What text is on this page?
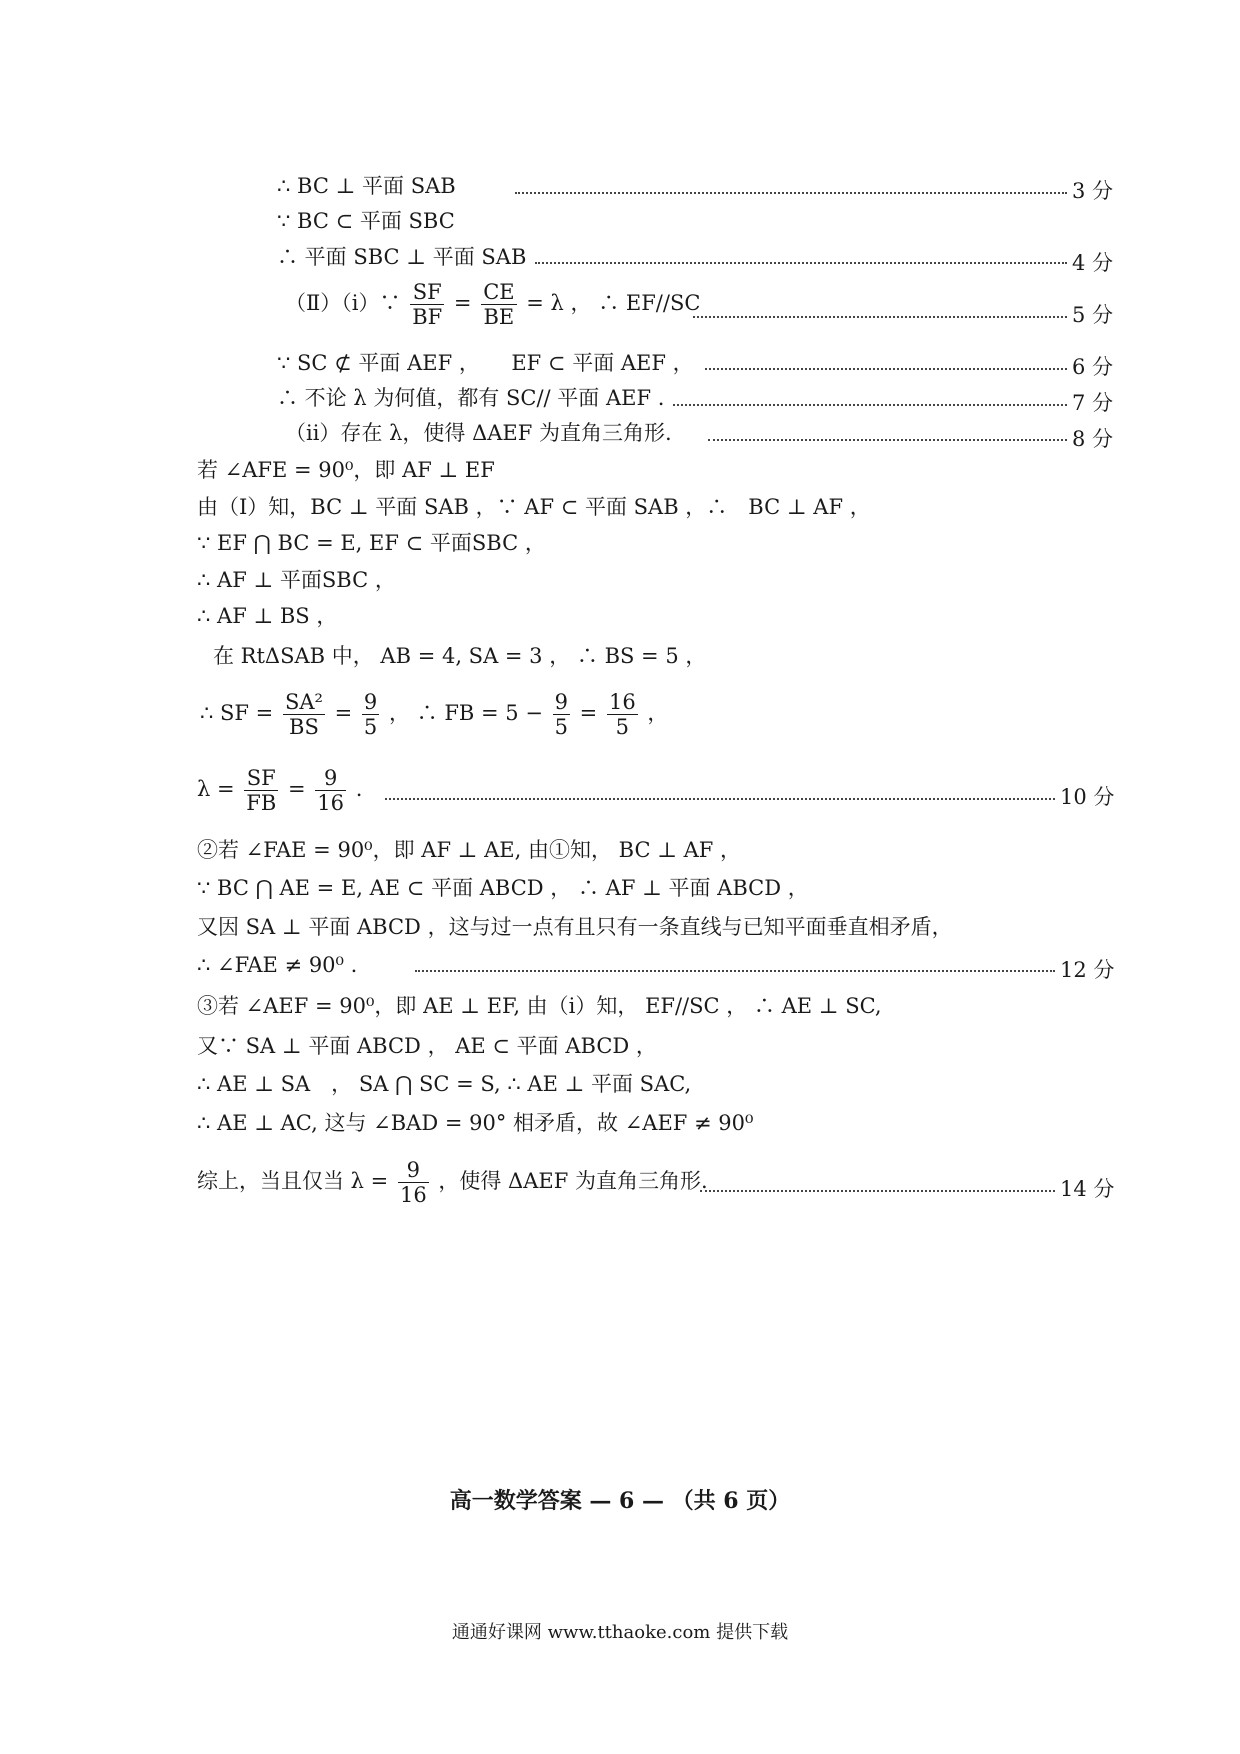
∴ BC ⊥ 平面 SAB	3 分
∵ BC ⊂ 平面 SBC
∴ 平面 SBC ⊥ 平面 SAB	4 分
（Ⅱ）（ⅰ）∵ $\frac{SF}{BF} = \frac{CE}{BE} = \lambda$ ， ∴ EF//SC	5 分
∵ SC ⊄ 平面 AEF ，　　EF ⊂ 平面 AEF ，	6 分
∴ 不论 λ 为何值，都有 SC// 平面 AEF .	7 分
（ⅱ）存在 λ，使得 ΔAEF 为直角三角形.	8 分
若 ∠AFE = 90⁰，即 AF ⊥ EF
由（Ⅰ）知，BC ⊥ 平面 SAB ，∵ AF ⊂ 平面 SAB ，∴　BC ⊥ AF ，
∵ EF ⋂ BC = E, EF ⊂ 平面SBC ，
∴ AF ⊥ 平面SBC ，
∴ AF ⊥ BS ，
在 RtΔSAB 中， AB = 4, SA = 3 ， ∴ BS = 5 ，
∴ SF = $\frac{\text{SA²}}{BS} = \frac{9}{5}$ ， ∴ FB = $5 - \frac{9}{5} = \frac{16}{5}$ ，
$\lambda = \frac{SF}{FB} = \frac{9}{16}$ .	10 分
②若 ∠FAE = 90⁰，即 AF ⊥ AE, 由①知， BC ⊥ AF ，
∵ BC ⋂ AE = E, AE ⊂ 平面 ABCD ， ∴ AF ⊥ 平面 ABCD ，
又因 SA ⊥ 平面 ABCD ，这与过一点有且只有一条直线与已知平面垂直相矛盾，
∴ ∠FAE ≠ 90⁰ .	12 分
③若 ∠AEF = 90⁰，即 AE ⊥ EF, 由（ⅰ）知， EF//SC ， ∴ AE ⊥ SC,
又∵ SA ⊥ 平面 ABCD ， AE ⊂ 平面 ABCD ，
∴ AE ⊥ SA　， SA ⋂ SC = S, ∴ AE ⊥ 平面 SAC,
∴ AE ⊥ AC, 这与 ∠BAD = 90° 相矛盾，故 ∠AEF ≠ 90⁰
综上，当且仅当 $\lambda = \frac{9}{16}$ ，使得 ΔAEF 为直角三角形.	14 分
高一数学答案 — 6 — （共 6 页）
通通好课网 www.tthaoke.com 提供下载
